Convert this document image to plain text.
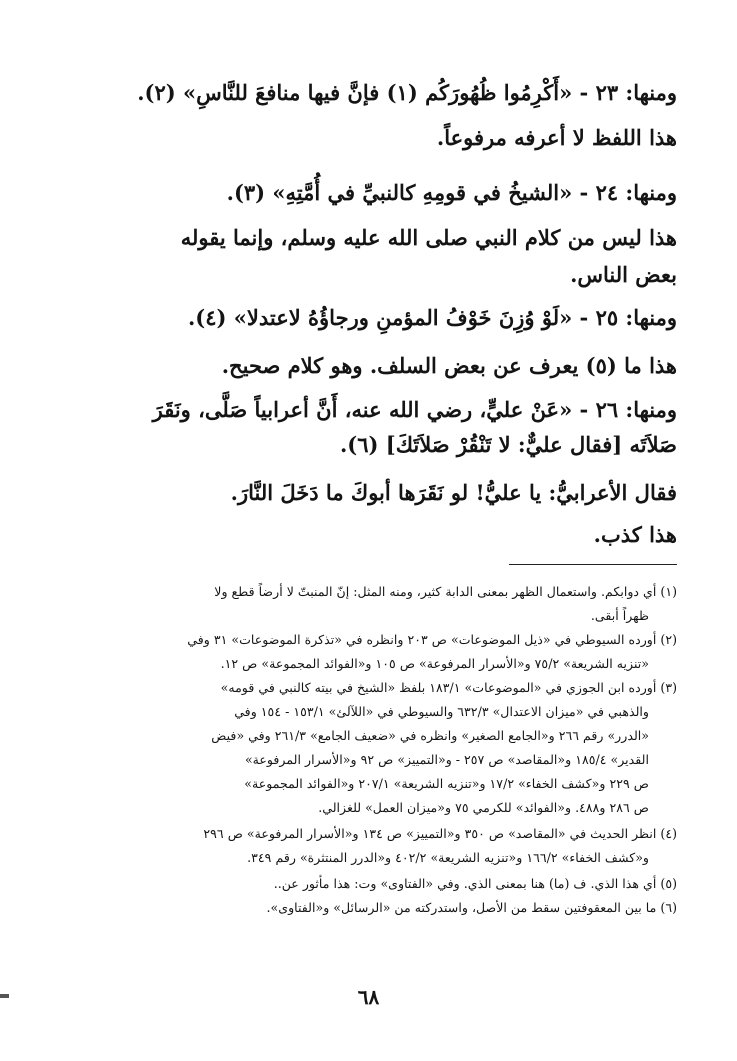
ومنها: ٢٣ - «أَكْرِمُوا ظُهُورَكُم (١) فإنَّ فيها منافعَ للنَّاسِ» (٢).
هذا اللفظ لا أعرفه مرفوعاً.
ومنها: ٢٤ - «الشيخُ في قومِهِ كالنبيِّ في أُمَّتِهِ» (٣).
هذا ليس من كلام النبي صلى الله عليه وسلم، وإنما يقوله
بعض الناس.
ومنها: ٢٥ - «لَوْ وُزِنَ خَوْفُ المؤمنِ ورجاؤُهُ لاعتدلا» (٤).
هذا ما (٥) يعرف عن بعض السلف. وهو كلام صحيح.
ومنها: ٢٦ - «عَنْ عليٍّ، رضي الله عنه، أَنَّ أعرابياً صَلَّى، ونَقَرَ
صَلاَتَه [فقال عليٌّ: لا تَنْقُرْ صَلاَتَكَ] (٦).
فقال الأعرابيُّ: يا عليُّ! لو نَقَرَها أبوكَ ما دَخَلَ النَّارَ.
هذا كذب.
(١) أي دوابكم. واستعمال الظهر بمعنى الدابة كثير، ومنه المثل: إنّ المنبتّ لا أرضاً قطع ولا
ظهراً أبقى.
(٢) أورده السيوطي في «ذيل الموضوعات» ص ٢٠٣ وانظره في «تذكرة الموضوعات» ٣١ وفي
«تنزيه الشريعة» ٧٥/٢ و«الأسرار المرفوعة» ص ١٠٥ و«الفوائد المجموعة» ص ١٢.
(٣) أورده ابن الجوزي في «الموضوعات» ١٨٣/١ بلفظ «الشيخ في بيته كالنبي في قومه»
والذهبي في «ميزان الاعتدال» ٦٣٢/٣ والسيوطي في «اللآلئ» ١٥٣/١ - ١٥٤ وفي
«الدرر» رقم ٢٦٦ و«الجامع الصغير» وانظره في «ضعيف الجامع» ٢٦١/٣ وفي «فيض
القدير» ١٨٥/٤ و«المقاصد» ص ٢٥٧ - و«التمييز» ص ٩٢ و«الأسرار المرفوعة»
ص ٢٢٩ و«كشف الخفاء» ١٧/٢ و«تنزيه الشريعة» ٢٠٧/١ و«الفوائد المجموعة»
ص ٢٨٦ و٤٨٨. و«الفوائد» للكرمي ٧٥ و«ميزان العمل» للغزالي.
(٤) انظر الحديث في «المقاصد» ص ٣٥٠ و«التمييز» ص ١٣٤ و«الأسرار المرفوعة» ص ٢٩٦
و«كشف الخفاء» ١٦٦/٢ و«تنزيه الشريعة» ٤٠٢/٢ و«الدرر المنتثرة» رقم ٣٤٩.
(٥) أي هذا الذي. ف (ما) هنا بمعنى الذي. وفي «الفتاوى» وت: هذا مأثور عن..
(٦) ما بين المعقوفتين سقط من الأصل، واستدركته من «الرسائل» و«الفتاوى».
٦٨
